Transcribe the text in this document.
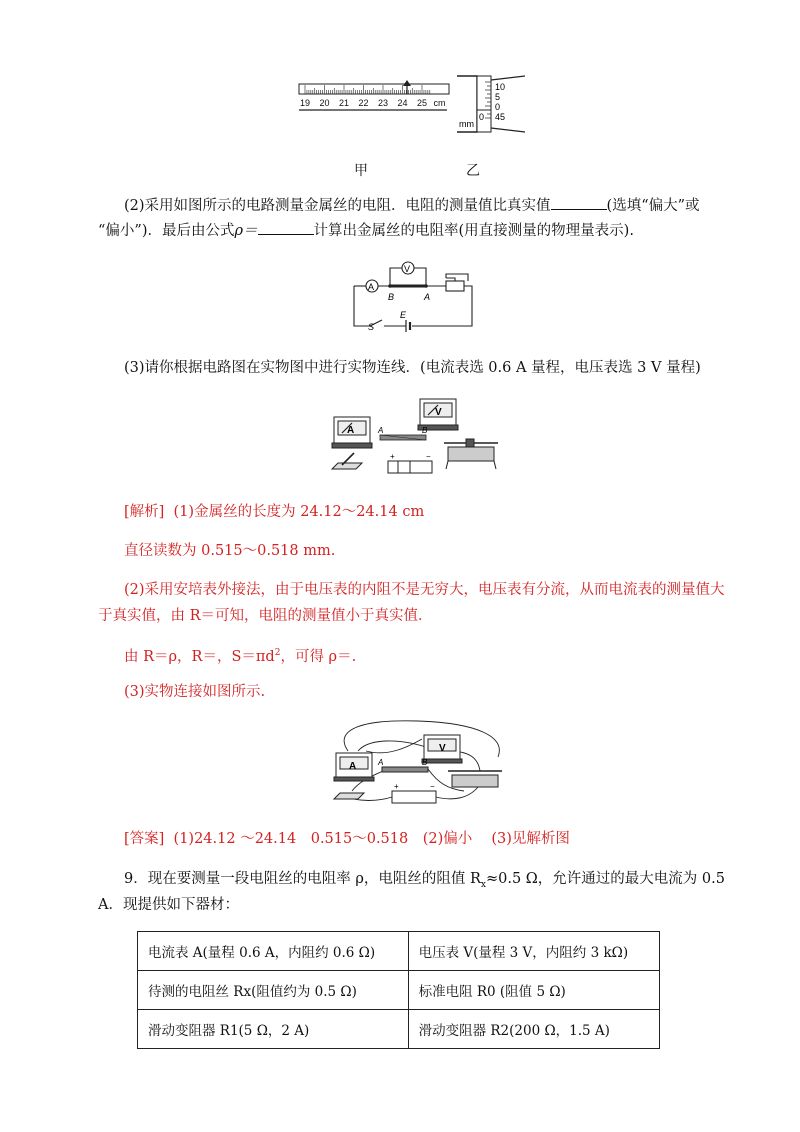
19 20 21 22 23 24 25 cm
10
5
0
45
mm
0
甲	乙
(2)采用如图所示的电路测量金属丝的电阻．电阻的测量值比真实值	(选填“偏大”或
“偏小”)．最后由公式ρ＝	计算出金属丝的电阻率(用直接测量的物理量表示).
A
V
B	A
S
E
(3)请你根据电路图在实物图中进行实物连线．(电流表选 0.6 A 量程，电压表选 3 V 量程)
A
V
A	B
+	−
[解析] (1)金属丝的长度为 24.12～24.14 cm
直径读数为 0.515～0.518 mm.
(2)采用安培表外接法，由于电压表的内阻不是无穷大，电压表有分流，从而电流表的测量值大
于真实值，由 R＝可知，电阻的测量值小于真实值．
由 R＝ρ，R＝，$S=\pi d^2$，可得 ρ＝.
(3)实物连接如图所示.
A
V
A	B
+	−
[答案] (1)24.12 ～24.14　0.515～0.518　(2)偏小　 (3)见解析图
9．现在要测量一段电阻丝的电阻率 ρ，电阻丝的阻值 $R_x\approx 0.5$ Ω，允许通过的最大电流为 0.5
A．现提供如下器材：
电流表 A(量程 0.6 A，内阻约 0.6 Ω)	电压表 V(量程 3 V，内阻约 3 kΩ)
待测的电阻丝 Rx(阻值约为 0.5 Ω)	标准电阻 R0 (阻值 5 Ω)
滑动变阻器 R1(5 Ω，2 A)	滑动变阻器 R2(200 Ω，1.5 A)
